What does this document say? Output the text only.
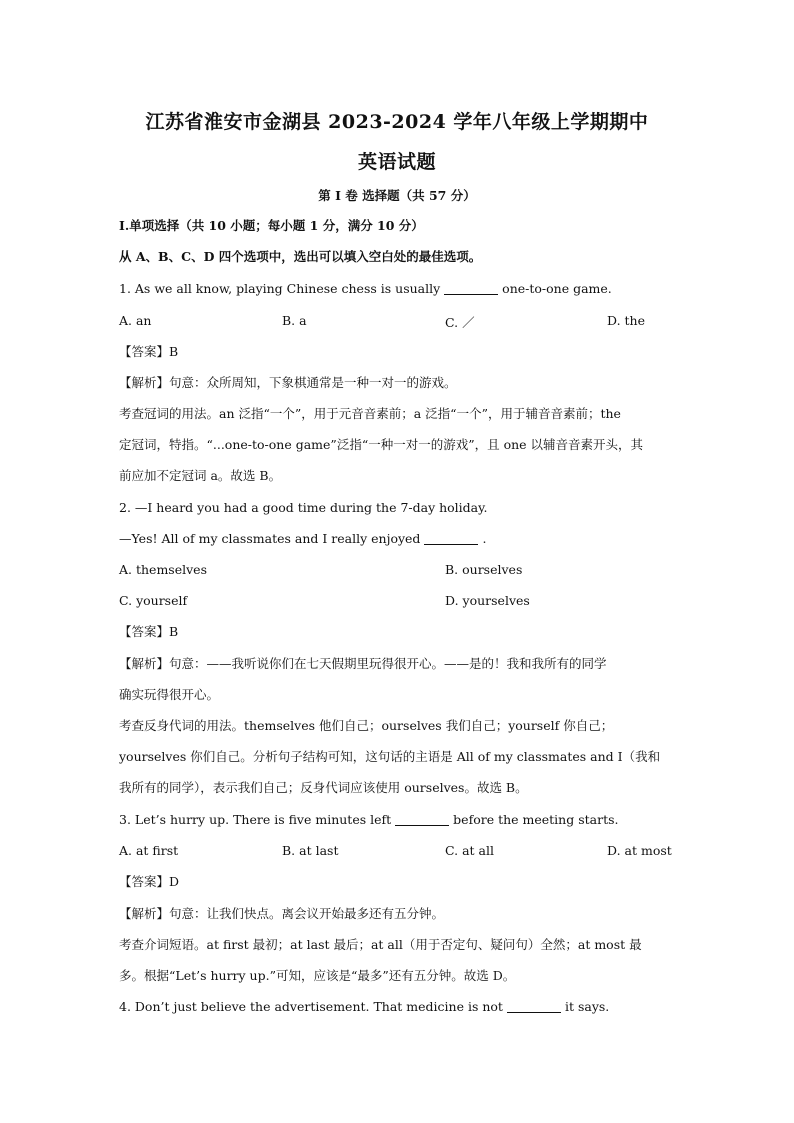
江苏省淮安市金湖县 2023-2024 学年八年级上学期期中
英语试题
第 I 卷 选择题（共 57 分）
I.单项选择（共 10 小题；每小题 1 分，满分 10 分）
从 A、B、C、D 四个选项中，选出可以填入空白处的最佳选项。
1. As we all know, playing Chinese chess is usually	one-to-one game.
A. an	B. a	C. ／	D. the
【答案】B
【解析】句意：众所周知，下象棋通常是一种一对一的游戏。
考查冠词的用法。an 泛指“一个”，用于元音音素前；a 泛指“一个”，用于辅音音素前；the
定冠词，特指。“...one-to-one game”泛指“一种一对一的游戏”，且 one 以辅音音素开头，其
前应加不定冠词 a。故选 B。
2. —I heard you had a good time during the 7-day holiday.
—Yes! All of my classmates and I really enjoyed	.
A. themselves	B. ourselves
C. yourself	D. yourselves
【答案】B
【解析】句意：——我听说你们在七天假期里玩得很开心。——是的！我和我所有的同学
确实玩得很开心。
考查反身代词的用法。themselves 他们自己；ourselves 我们自己；yourself 你自己；
yourselves 你们自己。分析句子结构可知，这句话的主语是 All of my classmates and I（我和
我所有的同学），表示我们自己；反身代词应该使用 ourselves。故选 B。
3. Let’s hurry up. There is five minutes left	before the meeting starts.
A. at first	B. at last	C. at all	D. at most
【答案】D
【解析】句意：让我们快点。离会议开始最多还有五分钟。
考查介词短语。at first 最初；at last 最后；at all（用于否定句、疑问句）全然；at most 最
多。根据“Let’s hurry up.”可知，应该是“最多”还有五分钟。故选 D。
4. Don’t just believe the advertisement. That medicine is not	it says.
